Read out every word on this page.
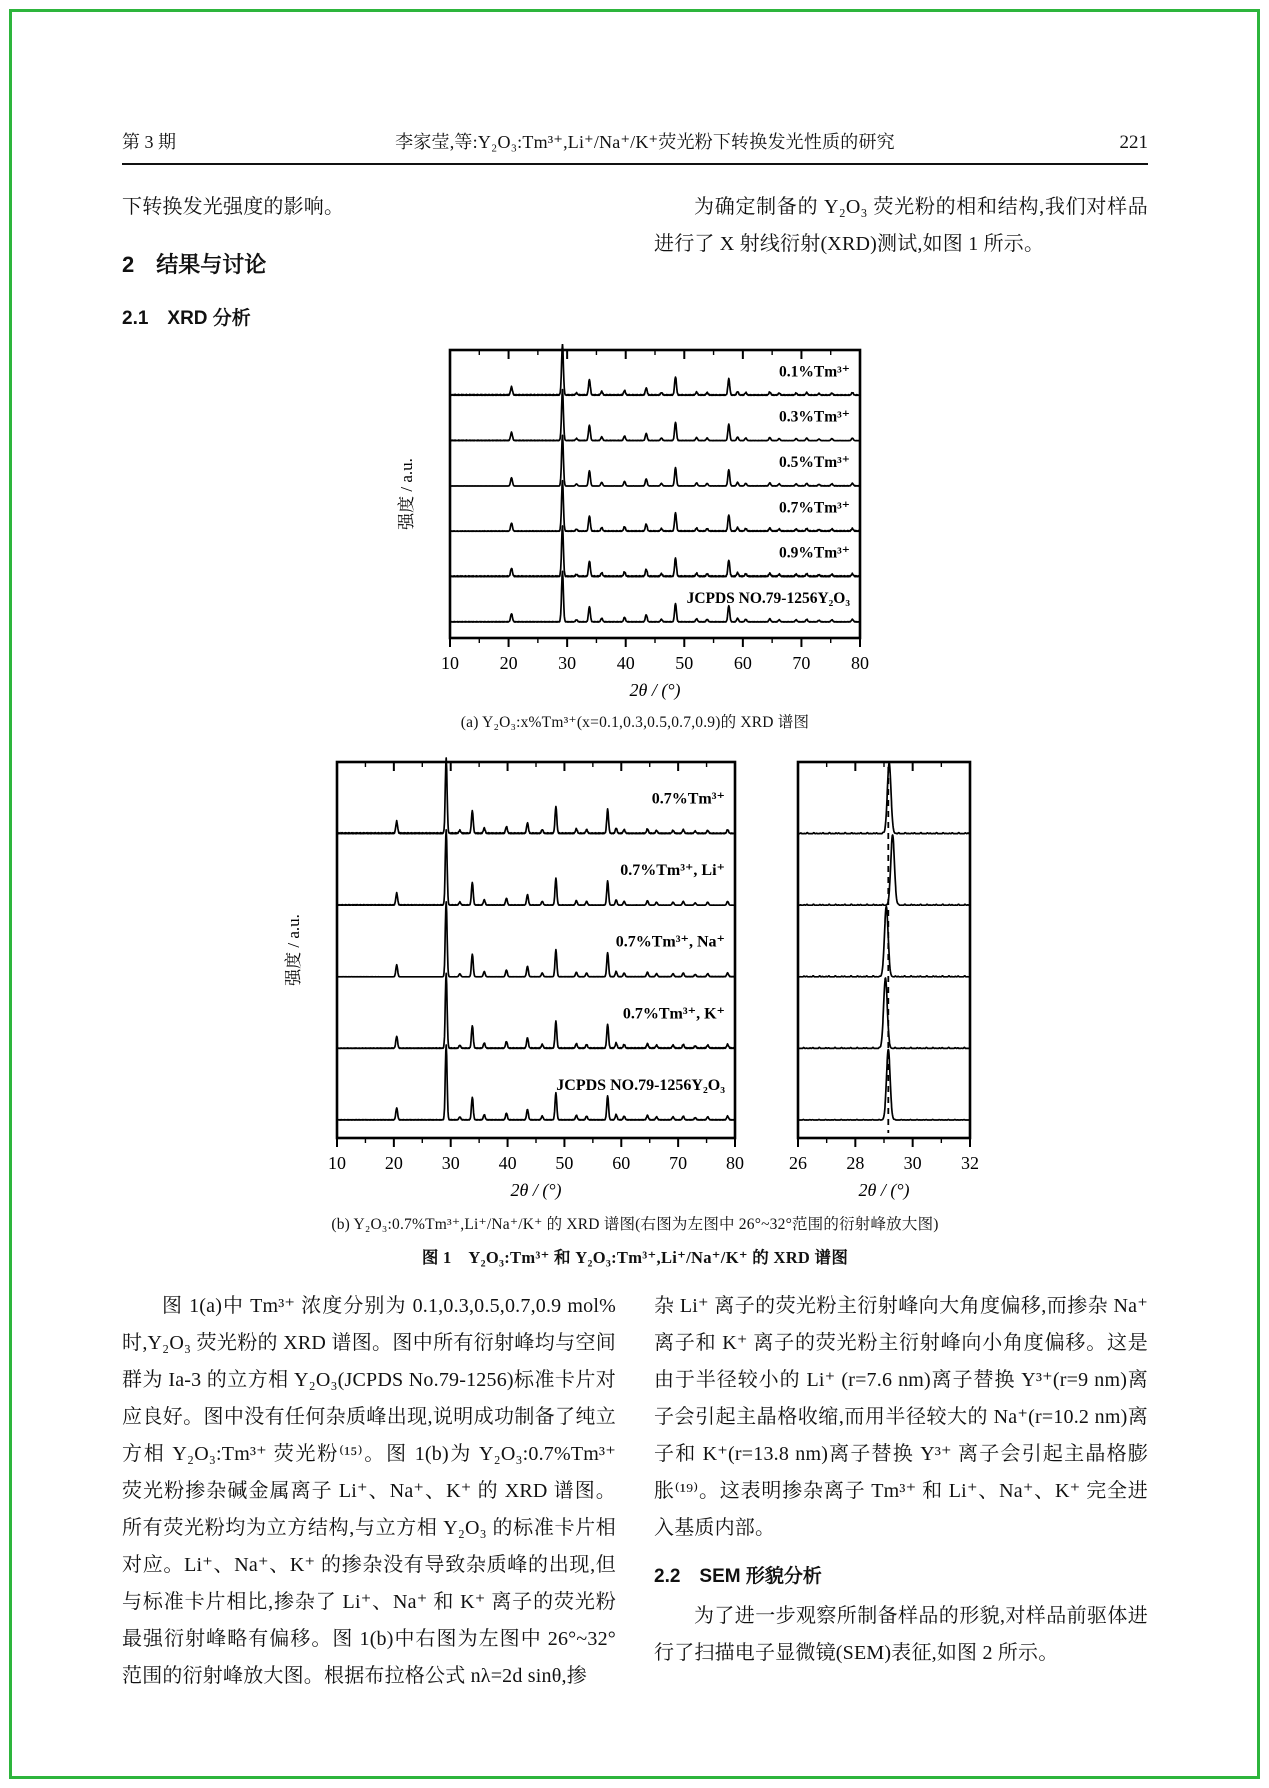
第 3 期	李家莹,等:Y₂O₃:Tm³⁺,Li⁺/Na⁺/K⁺荧光粉下转换发光性质的研究	221

下转换发光强度的影响。

2　结果与讨论
2.1　XRD 分析

为确定制备的 Y₂O₃ 荧光粉的相和结构,我们对样品进行了 X 射线衍射(XRD)测试,如图 1 所示。

10 20 30 40 50 60 70 80
2θ / (°)
强度 / a.u.
0.1%Tm³⁺
0.3%Tm³⁺
0.5%Tm³⁺
0.7%Tm³⁺
0.9%Tm³⁺
JCPDS NO.79-1256Y₂O₃
(a) Y₂O₃:x%Tm³⁺(x=0.1,0.3,0.5,0.7,0.9)的 XRD 谱图
10 20 30 40 50 60 70 80
2θ / (°)
强度 / a.u.
0.7%Tm³⁺
0.7%Tm³⁺, Li⁺
0.7%Tm³⁺, Na⁺
0.7%Tm³⁺, K⁺
JCPDS NO.79-1256Y₂O₃
26 28 30 32
2θ / (°)
(b) Y₂O₃:0.7%Tm³⁺,Li⁺/Na⁺/K⁺ 的 XRD 谱图(右图为左图中 26°~32°范围的衍射峰放大图)
图 1　Y₂O₃:Tm³⁺ 和 Y₂O₃:Tm³⁺,Li⁺/Na⁺/K⁺ 的 XRD 谱图

图 1(a)中 Tm³⁺ 浓度分别为 0.1,0.3,0.5,0.7,0.9 mol%时,Y₂O₃ 荧光粉的 XRD 谱图。图中所有衍射峰均与空间群为 Ia-3 的立方相 Y₂O₃(JCPDS No.79-1256)标准卡片对应良好。图中没有任何杂质峰出现,说明成功制备了纯立方相 Y₂O₃:Tm³⁺ 荧光粉⁽¹⁵⁾。图 1(b)为 Y₂O₃:0.7%Tm³⁺ 荧光粉掺杂碱金属离子 Li⁺、Na⁺、K⁺ 的 XRD 谱图。所有荧光粉均为立方结构,与立方相 Y₂O₃ 的标准卡片相对应。Li⁺、Na⁺、K⁺ 的掺杂没有导致杂质峰的出现,但与标准卡片相比,掺杂了 Li⁺、Na⁺ 和 K⁺ 离子的荧光粉最强衍射峰略有偏移。图 1(b)中右图为左图中 26°~32°范围的衍射峰放大图。根据布拉格公式 nλ=2d sinθ,掺

杂 Li⁺ 离子的荧光粉主衍射峰向大角度偏移,而掺杂 Na⁺ 离子和 K⁺ 离子的荧光粉主衍射峰向小角度偏移。这是由于半径较小的 Li⁺ (r=7.6 nm)离子替换 Y³⁺(r=9 nm)离子会引起主晶格收缩,而用半径较大的 Na⁺(r=10.2 nm)离子和 K⁺(r=13.8 nm)离子替换 Y³⁺ 离子会引起主晶格膨胀⁽¹⁹⁾。这表明掺杂离子 Tm³⁺ 和 Li⁺、Na⁺、K⁺ 完全进入基质内部。

2.2　SEM 形貌分析

为了进一步观察所制备样品的形貌,对样品前驱体进行了扫描电子显微镜(SEM)表征,如图 2 所示。
